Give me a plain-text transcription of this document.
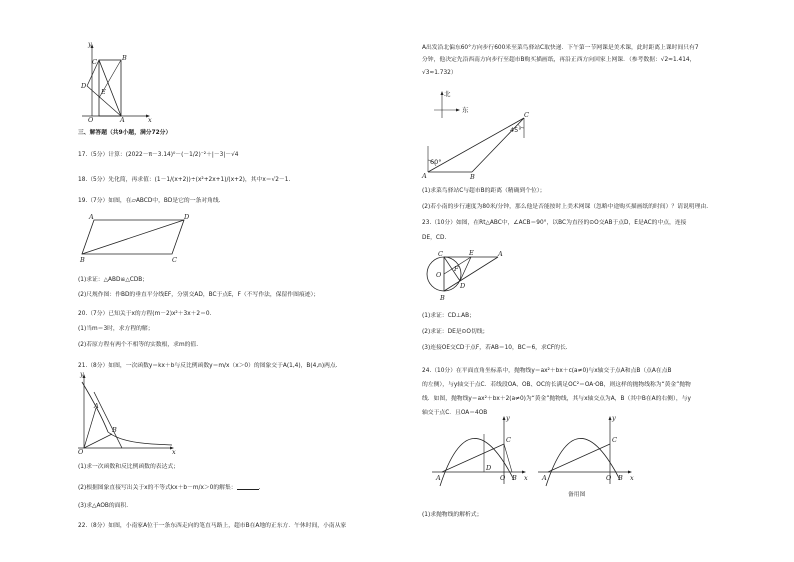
y
C	B
D
E
O	A	x
三、解答题（共9小题，满分72分）
17.（5分）计算：(2022－π－3.14)⁰－(－1/2)⁻²＋|－3|－√4
18.（5分）先化简，再求值：(1－1/(x+2))÷(x²+2x+1)/(x+2)，其中x＝√2－1.
19.（7分）如图，在▱ABCD中，BD是它的一条对角线.
A	D
B	C
(1)求证：△ABD≌△CDB；
(2)尺规作图：作BD的垂直平分线EF，分别交AD，BC于点E，F（不写作法，保留作图痕迹）；
20.（7分）已知关于x的方程(m－2)x²＋3x＋2＝0.
(1)当m＝3时，求方程的解；
(2)若原方程有两个不相等的实数根，求m的值.
21.（8分）如图，一次函数y＝kx＋b与反比例函数y＝m/x（x＞0）的图象交于A(1,4)，B(4,n)两点.
y
A
B
O	x
(1)求一次函数和反比例函数的表达式；
(2)根据图象直接写出关于x的不等式kx＋b－m/x＞0的解集：	.
(3)求△AOB的面积.
22.（8分）如图，小南家A位于一条东西走向的笔直马路上，超市B在A地的正东方．午休时间，小南从家
A出发沿北偏东60°方向步行600米至菜鸟驿站C取快递．下午第一节网课是美术课，此时距离上课时间只有7
分钟，他决定先沿西南方向步行至超市B购买描画纸，再沿正西方向回家上网课．（参考数据：√2≈1.414，
√3≈1.732）
北
东
60°
45°
A	B
C
(1)求菜鸟驿站C与超市B的距离（精确到个位）；
(2)若小南的步行速度为80米/分钟，那么他是否能按时上美术网课（忽略中途购买描画纸的时间）？请说明理由.
23.（10分）如图，在Rt△ABC中，∠ACB＝90°，以BC为直径的⊙O交AB于点D，E是AC的中点，连接
DE，CD.
C	E	A
O
F
D
B
(1)求证：CD⊥AB；
(2)求证：DE是⊙O切线；
(3)连接OE交CD于点F，若AB＝10，BC＝6，求CF的长.
24.（10分）在平面直角坐标系中，抛物线y＝ax²＋bx＋c(a≠0)与x轴交于点A和点B（点A在点B
的左侧），与y轴交于点C．若线段OA、OB、OC的长满足OC²＝OA·OB，则这样的抛物线称为“黄金”抛物
线．如图，抛物线y＝ax²＋bx＋2(a≠0)为“黄金”抛物线，其与x轴交点为A，B（其中B在A的右侧），与y
轴交于点C．且OA＝4OB
y
C
D
A	O B x
y
C
A	O B x
备用图
(1)求抛物线的解析式；
